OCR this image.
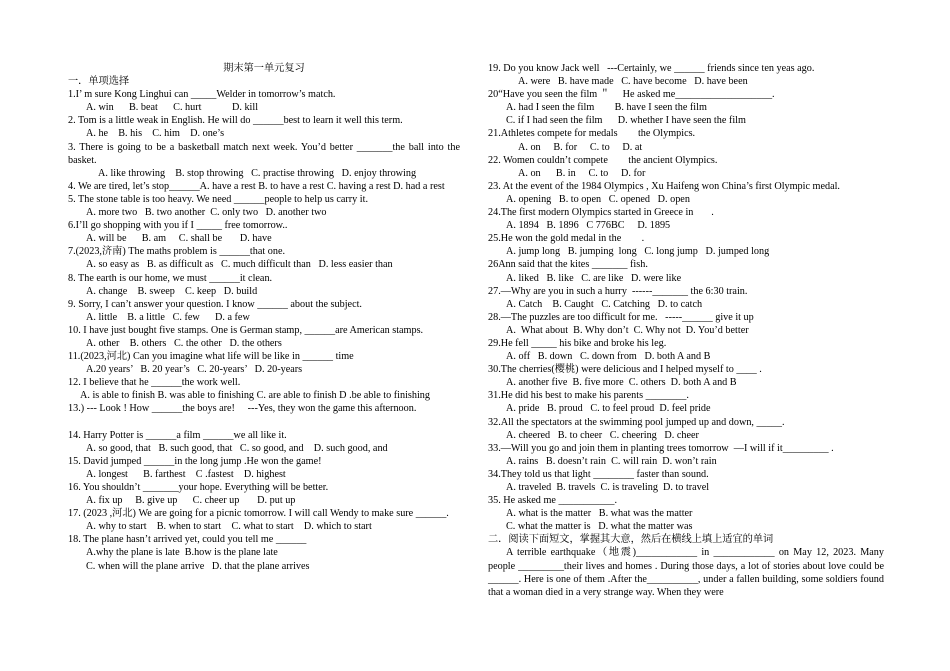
期末第一单元复习
一．单项选择
1.I’ m sure Kong Linghui can _____Welder in tomorrow’s match.
A. win      B. beat      C. hurt            D. kill
2. Tom is a little weak in English. He will do ______best to learn it well this term.
A. he    B. his    C. him    D. one’s
3. There is going to be a basketball match next week. You’d better _______the ball into the basket.
A. like throwing    B. stop throwing   C. practise throwing   D. enjoy throwing
4. We are tired, let’s stop______A. have a rest B. to have a rest C. having a rest D. had a rest
5. The stone table is too heavy. We need ______people to help us carry it.
A. more two   B. two another  C. only two   D. another two
6.I’ll go shopping with you if I _____ free tomorrow..
A. will be      B. am     C. shall be       D. have
7.(2023,济南) The maths problem is ______that one.
A. so easy as   B. as difficult as   C. much difficult than   D. less easier than
8. The earth is our home, we must ______it clean.
A. change    B. sweep    C. keep   D. build
9. Sorry, I can’t answer your question. I know ______ about the subject.
A. little    B. a little   C. few      D. a few
10. I have just bought five stamps. One is German stamp, ______are American stamps.
A. other    B. others   C. the other   D. the others
11.(2023,河北) Can you imagine what life will be like in ______ time
A.20 years’   B. 20 year’s   C. 20-years’   D. 20-years
12. I believe that he ______the work well.
A. is able to finish B. was able to finishing C. are able to finish D .be able to finishing
13.) --- Look ! How ______the boys are!     ---Yes, they won the game this afternoon.

14. Harry Potter is ______a film ______we all like it.
A. so good, that   B. such good, that   C. so good, and    D. such good, and
15. David jumped ______in the long jump .He won the game!
A. longest      B. farthest    C .fastest    D. highest
16. You shouldn’t _______your hope. Everything will be better.
A. fix up     B. give up      C. cheer up       D. put up
17. (2023 ,河北) We are going for a picnic tomorrow. I will call Wendy to make sure ______.
A. why to start    B. when to start    C. what to start    D. which to start
18. The plane hasn’t arrived yet, could you tell me ______
A.why the plane is late  B.how is the plane late
C. when will the plane arrive   D. that the plane arrives
19. Do you know Jack well   ---Certainly, we ______ friends since ten yeas ago.
A. were   B. have made   C. have become   D. have been
20“Have you seen the film ＂     He asked me___________________.
A. had I seen the film        B. have I seen the film
C. if I had seen the film      D. whether I have seen the film
21.Athletes compete for medals        the Olympics.
A. on     B. for     C. to     D. at
22. Women couldn’t compete        the ancient Olympics.
A. on      B. in     C. to     D. for
23. At the event of the 1984 Olympics , Xu Haifeng won China’s first Olympic medal.
A. opening   B. to open   C. opened   D. open
24.The first modern Olympics started in Greece in       .
A. 1894   B. 1896   C 776BC     D. 1895
25.He won the gold medal in the        .
A. jump long   B. jumping  long   C. long jump   D. jumped long
26Ann said that the kites _______ fish.
A. liked   B. like   C. are like   D. were like
27.—Why are you in such a hurry  ------_______ the 6:30 train.
A. Catch    B. Caught   C. Catching   D. to catch
28.—The puzzles are too difficult for me.   -----______ give it up
A.  What about  B. Why don’t  C. Why not  D. You’d better
29.He fell _____ his bike and broke his leg.
A. off   B. down   C. down from   D. both A and B
30.The cherries(樱桃) were delicious and I helped myself to ____ .
A. another five  B. five more  C. others  D. both A and B
31.He did his best to make his parents ________.
A. pride   B. proud   C. to feel proud  D. feel pride
32.All the spectators at the swimming pool jumped up and down, _____.
A. cheered   B. to cheer   C. cheering   D. cheer
33.—Will you go and join them in planting trees tomorrow  —I will if it_________ .
A. rains   B. doesn’t rain  C. will rain  D. won’t rain
34.They told us that light ________ faster than sound.
A. traveled  B. travels  C. is traveling  D. to travel
35. He asked me ___________.
A. what is the matter   B. what was the matter
C. what the matter is   D. what the matter was
二．阅读下面短文，掌握其大意，然后在横线上填上适宜的单词
A terrible earthquake（地震)____________ in ____________ on May 12, 2023. Many people _________their lives and homes . During those days, a lot of stories about love could be ______. Here is one of them .After the__________, under a fallen building, some soldiers found that a woman died in a very strange way. When they were
